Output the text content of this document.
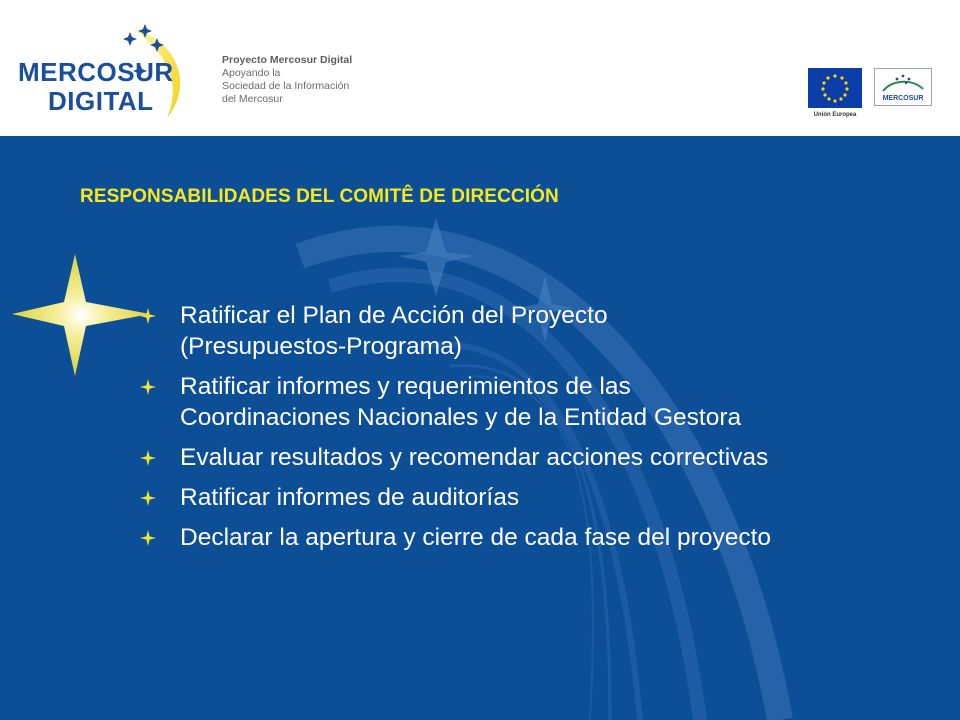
MERCOSUR
DIGITAL
Proyecto Mercosur Digital
Apoyando la
Sociedad de la Información
del Mercosur
Unión Europea
MERCOSUR
RESPONSABILIDADES DEL COMITÊ DE DIRECCIÓN
Ratificar el Plan de Acción del Proyecto
(Presupuestos-Programa)
Ratificar informes y requerimientos de las
Coordinaciones Nacionales y de la Entidad Gestora
Evaluar resultados y recomendar acciones correctivas
Ratificar informes de auditorías
Declarar la apertura y cierre de cada fase del proyecto
